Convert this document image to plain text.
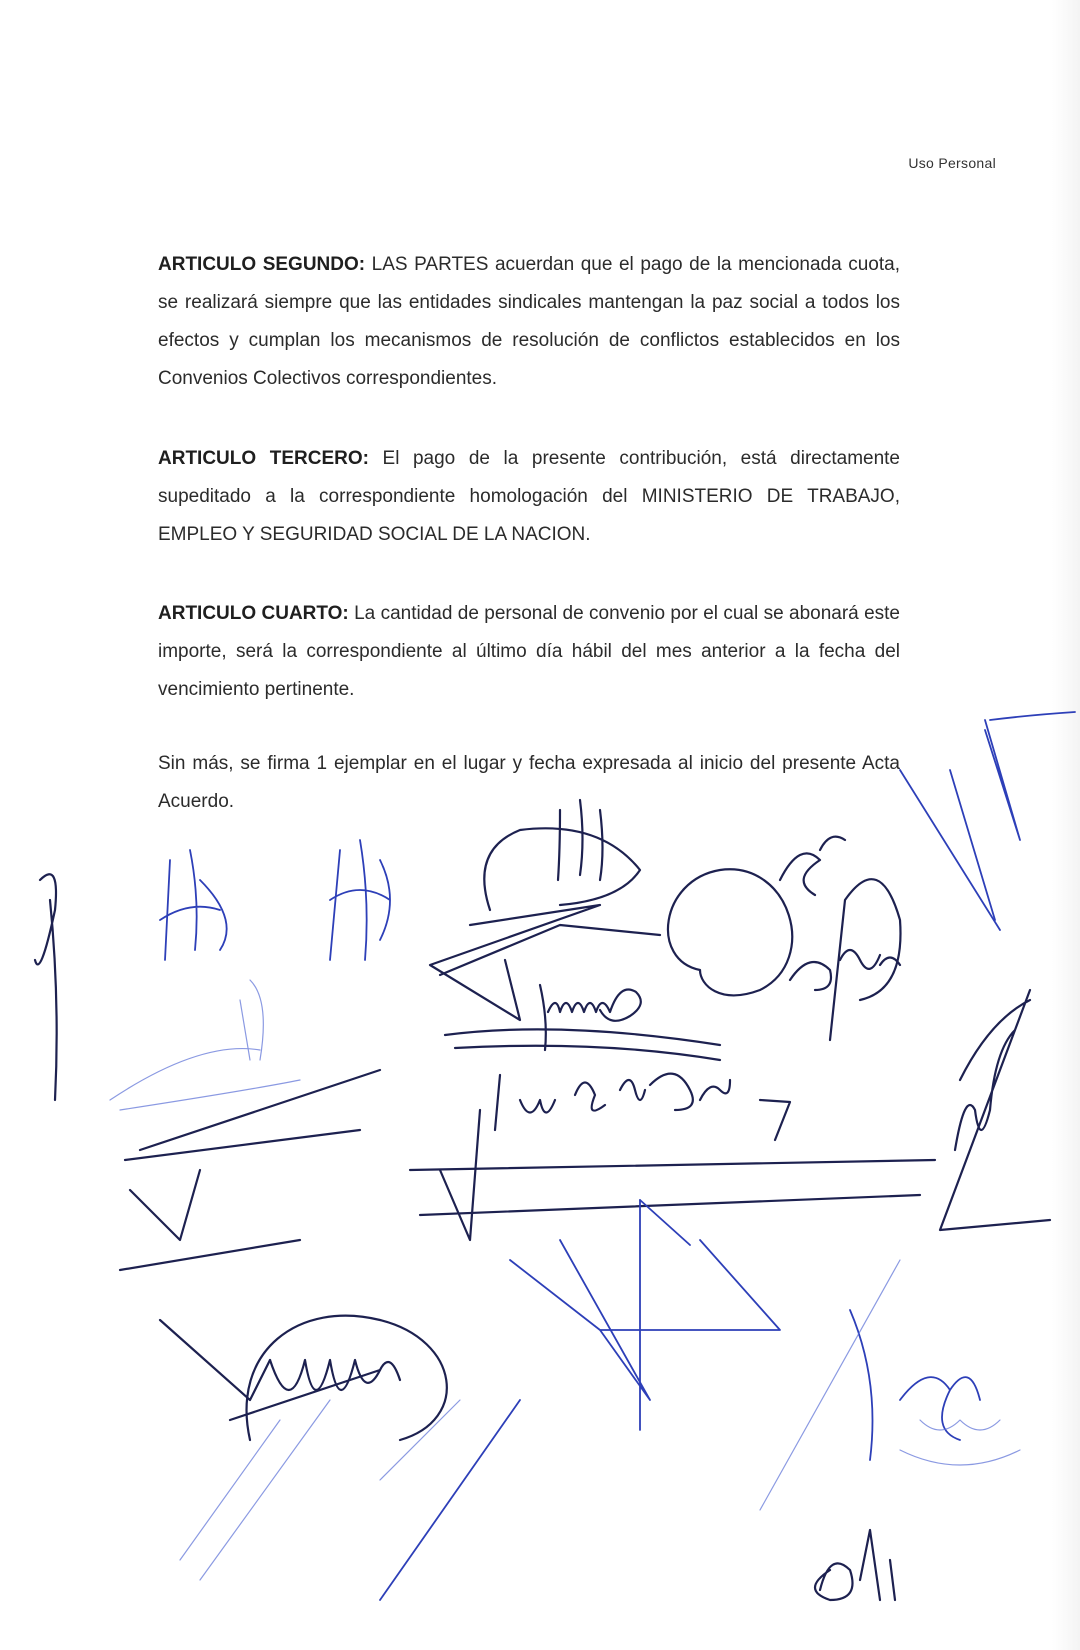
Uso Personal

ARTICULO SEGUNDO: LAS PARTES acuerdan que el pago de la mencionada cuota, se realizará siempre que las entidades sindicales mantengan la paz social a todos los efectos y cumplan los mecanismos de resolución de conflictos establecidos en los Convenios Colectivos correspondientes.

ARTICULO TERCERO: El pago de la presente contribución, está directamente supeditado a la correspondiente homologación del MINISTERIO DE TRABAJO, EMPLEO Y SEGURIDAD SOCIAL DE LA NACION.

ARTICULO CUARTO: La cantidad de personal de convenio por el cual se abonará este importe, será la correspondiente al último día hábil del mes anterior a la fecha del vencimiento pertinente.

Sin más, se firma 1 ejemplar en el lugar y fecha expresada al inicio del presente Acta Acuerdo.
